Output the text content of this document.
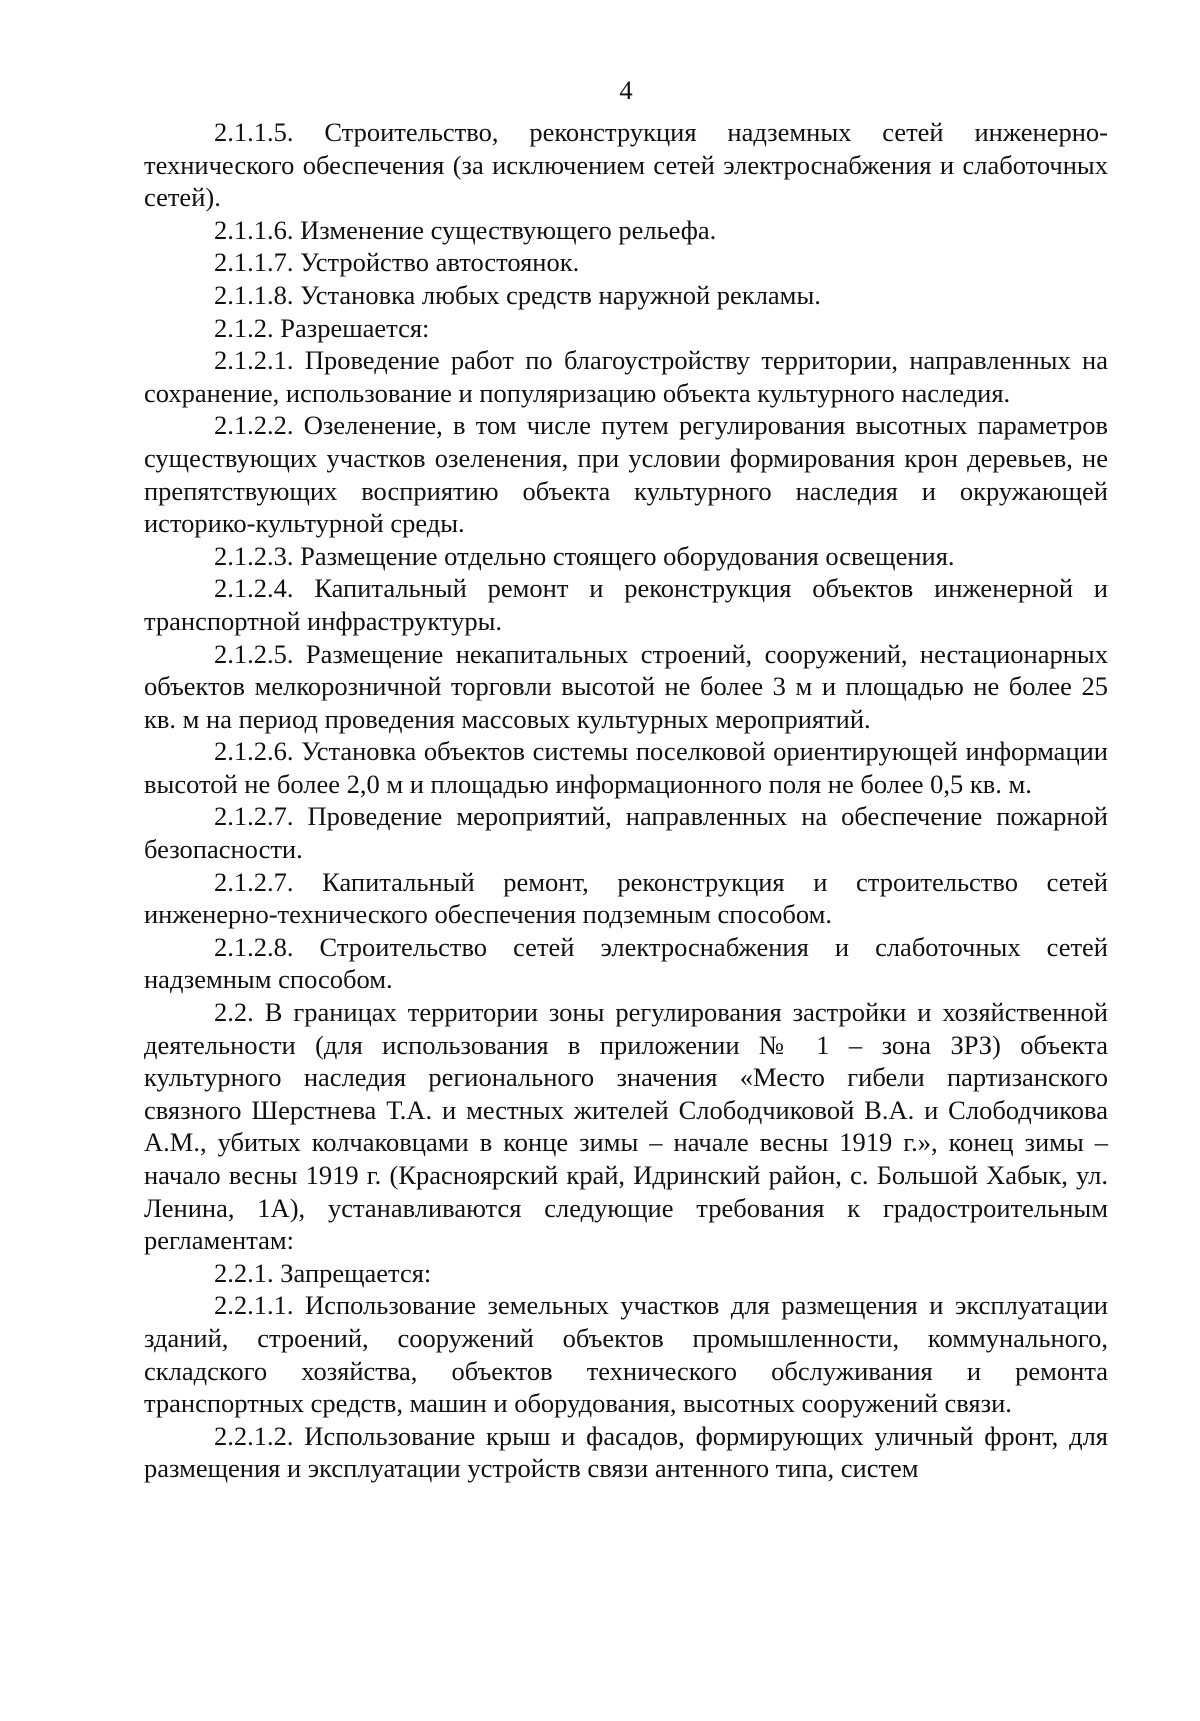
4

2.1.1.5. Строительство, реконструкция надземных сетей инженерно-технического обеспечения (за исключением сетей электроснабжения и слаботочных сетей).

2.1.1.6. Изменение существующего рельефа.

2.1.1.7. Устройство автостоянок.

2.1.1.8. Установка любых средств наружной рекламы.

2.1.2. Разрешается:

2.1.2.1. Проведение работ по благоустройству территории, направленных на сохранение, использование и популяризацию объекта культурного наследия.

2.1.2.2. Озеленение, в том числе путем регулирования высотных параметров существующих участков озеленения, при условии формирования крон деревьев, не препятствующих восприятию объекта культурного наследия и окружающей историко-культурной среды.

2.1.2.3. Размещение отдельно стоящего оборудования освещения.

2.1.2.4. Капитальный ремонт и реконструкция объектов инженерной и транспортной инфраструктуры.

2.1.2.5. Размещение некапитальных строений, сооружений, нестационарных объектов мелкорозничной торговли высотой не более 3 м и площадью не более 25 кв. м на период проведения массовых культурных мероприятий.

2.1.2.6. Установка объектов системы поселковой ориентирующей информации высотой не более 2,0 м и площадью информационного поля не более 0,5 кв. м.

2.1.2.7. Проведение мероприятий, направленных на обеспечение пожарной безопасности.

2.1.2.7. Капитальный ремонт, реконструкция и строительство сетей инженерно-технического обеспечения подземным способом.

2.1.2.8. Строительство сетей электроснабжения и слаботочных сетей надземным способом.

2.2. В границах территории зоны регулирования застройки и хозяйственной деятельности (для использования в приложении № 1 – зона ЗРЗ) объекта культурного наследия регионального значения «Место гибели партизанского связного Шерстнева Т.А. и местных жителей Слободчиковой В.А. и Слободчикова А.М., убитых колчаковцами в конце зимы – начале весны 1919 г.», конец зимы – начало весны 1919 г. (Красноярский край, Идринский район, с. Большой Хабык, ул. Ленина, 1А), устанавливаются следующие требования к градостроительным регламентам:

2.2.1. Запрещается:

2.2.1.1. Использование земельных участков для размещения и эксплуатации зданий, строений, сооружений объектов промышленности, коммунального, складского хозяйства, объектов технического обслуживания и ремонта транспортных средств, машин и оборудования, высотных сооружений связи.

2.2.1.2. Использование крыш и фасадов, формирующих уличный фронт, для размещения и эксплуатации устройств связи антенного типа, систем
